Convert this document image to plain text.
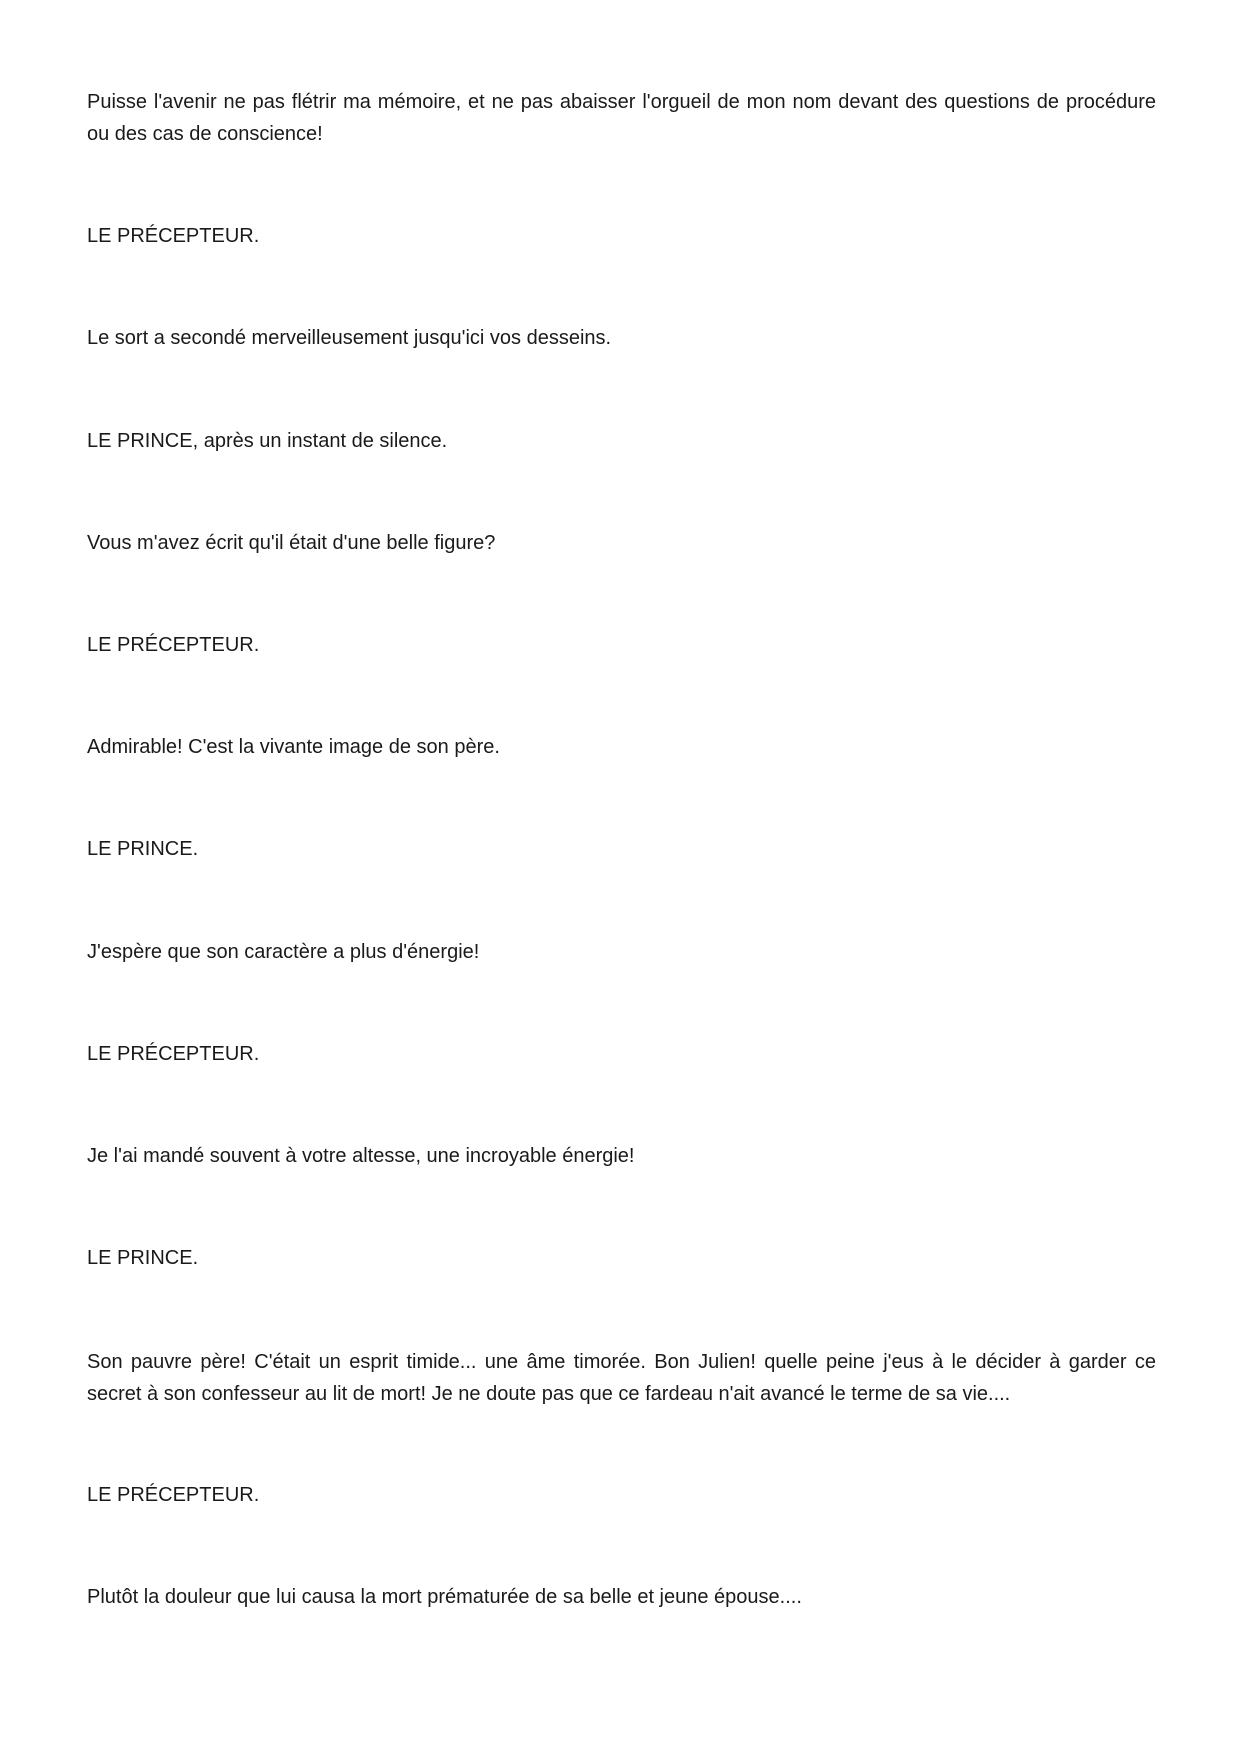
Puisse l'avenir ne pas flétrir ma mémoire, et ne pas abaisser l'orgueil de mon nom devant des questions de procédure ou des cas de conscience!

LE PRÉCEPTEUR.

Le sort a secondé merveilleusement jusqu'ici vos desseins.

LE PRINCE, après un instant de silence.

Vous m'avez écrit qu'il était d'une belle figure?

LE PRÉCEPTEUR.

Admirable! C'est la vivante image de son père.

LE PRINCE.

J'espère que son caractère a plus d'énergie!

LE PRÉCEPTEUR.

Je l'ai mandé souvent à votre altesse, une incroyable énergie!

LE PRINCE.

Son pauvre père! C'était un esprit timide... une âme timorée. Bon Julien! quelle peine j'eus à le décider à garder ce secret à son confesseur au lit de mort! Je ne doute pas que ce fardeau n'ait avancé le terme de sa vie....

LE PRÉCEPTEUR.

Plutôt la douleur que lui causa la mort prématurée de sa belle et jeune épouse....
